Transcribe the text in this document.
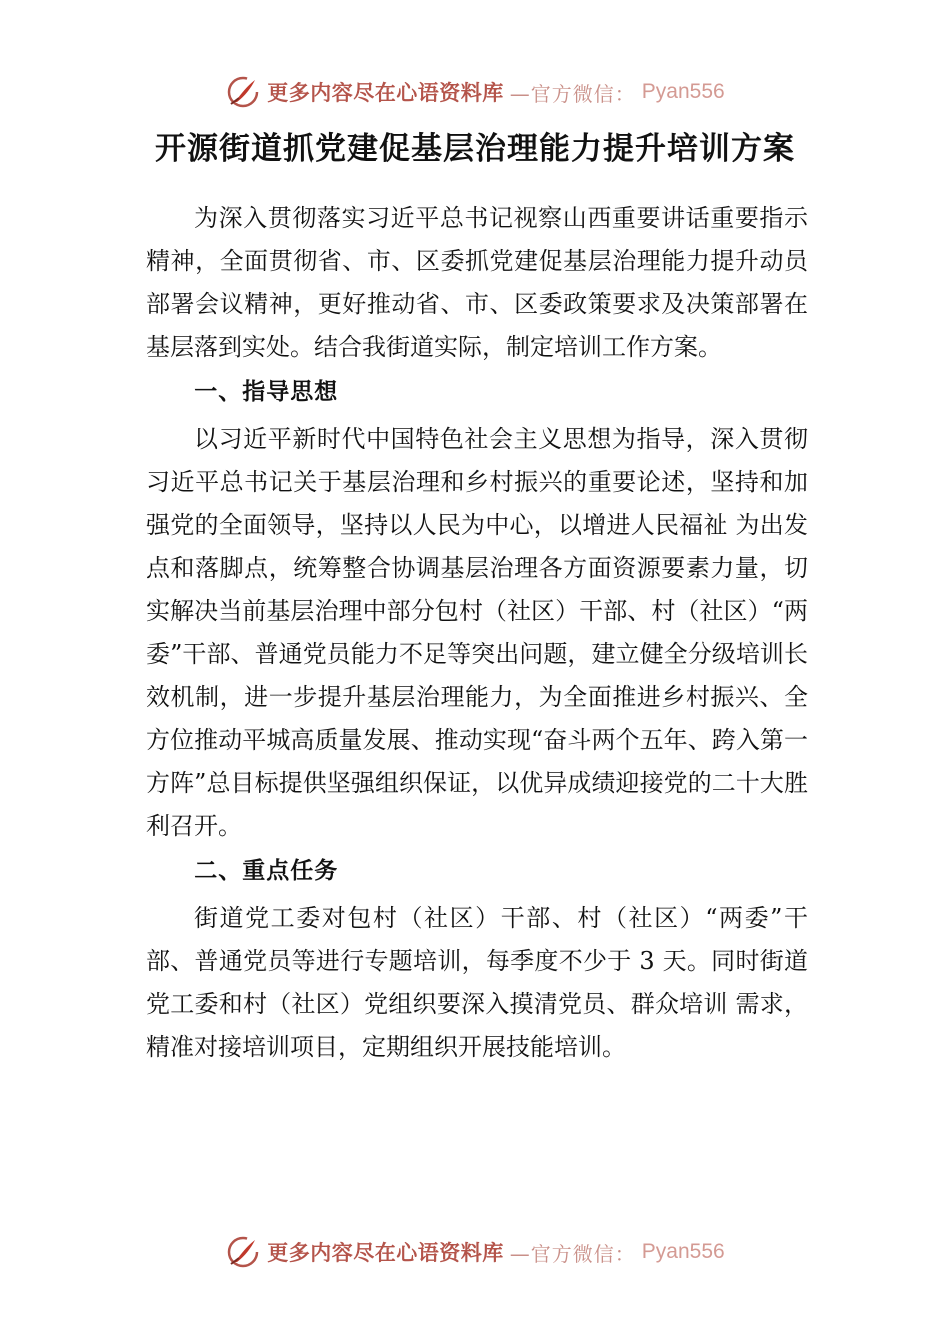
更多内容尽在心语资料库 —官方微信： Pyan556
开源街道抓党建促基层治理能力提升培训方案

为深入贯彻落实习近平总书记视察山西重要讲话重要指示精神，全面贯彻省、市、区委抓党建促基层治理能力提升动员部署会议精神，更好推动省、市、区委政策要求及决策部署在基层落到实处。结合我街道实际，制定培训工作方案。

一、指导思想

以习近平新时代中国特色社会主义思想为指导，深入贯彻习近平总书记关于基层治理和乡村振兴的重要论述，坚持和加强党的全面领导，坚持以人民为中心，以增进人民福祉 为出发点和落脚点，统筹整合协调基层治理各方面资源要素力量，切实解决当前基层治理中部分包村（社区）干部、村（社区）“两委”干部、普通党员能力不足等突出问题，建立健全分级培训长效机制，进一步提升基层治理能力，为全面推进乡村振兴、全方位推动平城高质量发展、推动实现“奋斗两个五年、跨入第一方阵”总目标提供坚强组织保证，以优异成绩迎接党的二十大胜利召开。

二、重点任务

街道党工委对包村（社区）干部、村（社区）“两委”干部、普通党员等进行专题培训，每季度不少于 3 天。同时街道党工委和村（社区）党组织要深入摸清党员、群众培训 需求，精准对接培训项目，定期组织开展技能培训。

更多内容尽在心语资料库 —官方微信： Pyan556
